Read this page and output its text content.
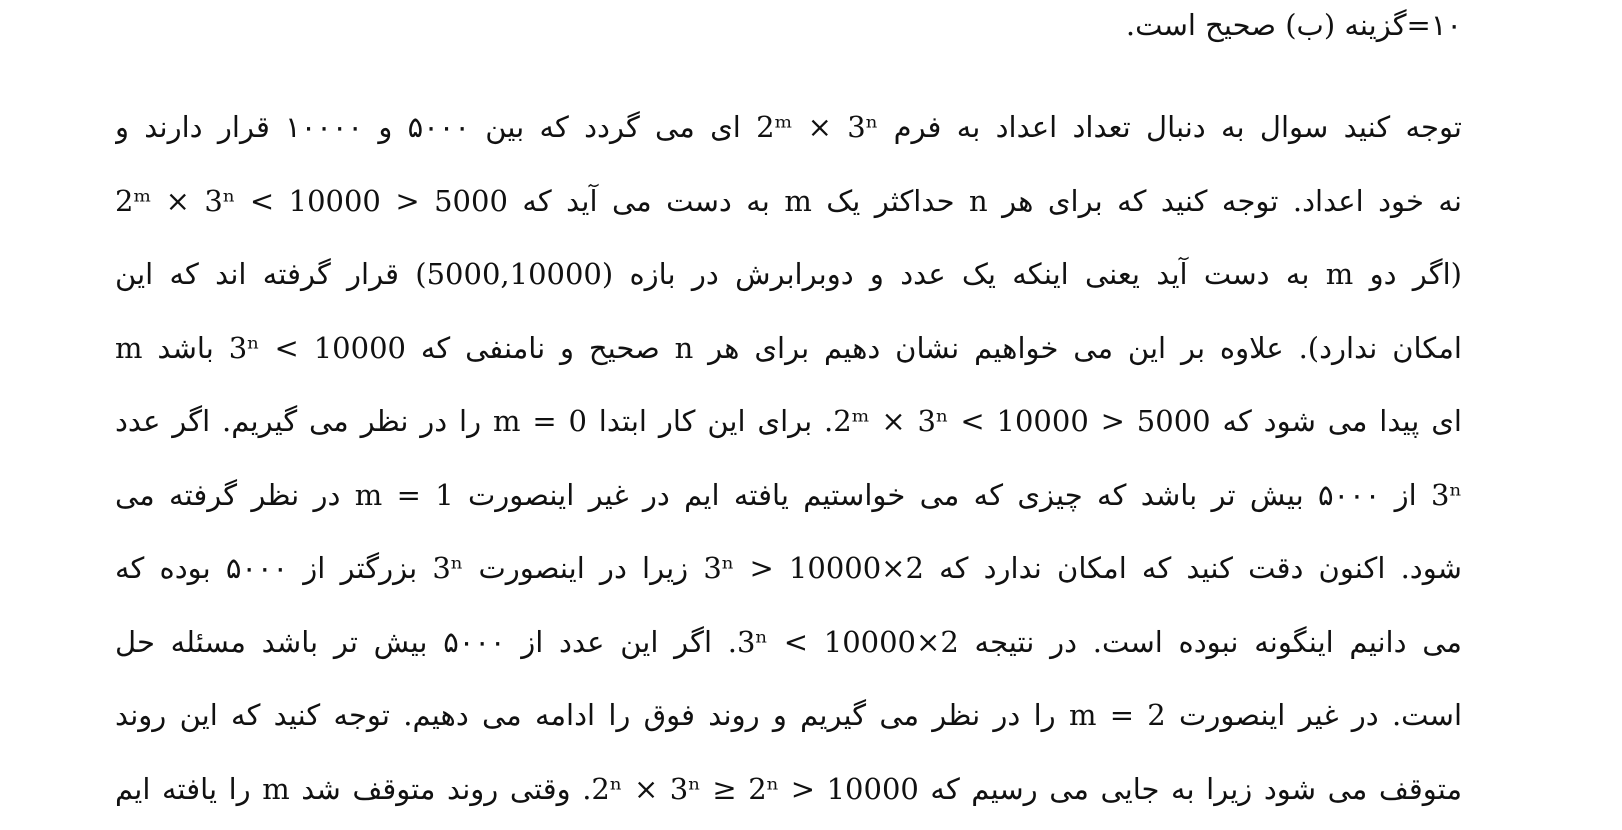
۱۰=گزینه (ب) صحیح است.
توجه کنید سوال به دنبال تعداد اعداد به فرم 2ᵐ × 3ⁿ ای می گردد که بین ۵۰۰۰ و ۱۰۰۰۰ قرار دارند و
نه خود اعداد. توجه کنید که برای هر n حداکثر یک m به دست می آید که 5000 < 2ᵐ × 3ⁿ < 10000
(اگر دو m به دست آید یعنی اینکه یک عدد و دوبرابرش در بازه (5000,10000) قرار گرفته اند که این
امکان ندارد). علاوه بر این می خواهیم نشان دهیم برای هر n صحیح و نامنفی که 3ⁿ < 10000 باشد m
ای پیدا می شود که 5000 < 2ᵐ × 3ⁿ < 10000. برای این کار ابتدا m = 0 را در نظر می گیریم. اگر عدد
3ⁿ از ۵۰۰۰ بیش تر باشد که چیزی که می خواستیم یافته ایم در غیر اینصورت m = 1 در نظر گرفته می
شود. اکنون دقت کنید که امکان ندارد که 2×3ⁿ > 10000 زیرا در اینصورت 3ⁿ بزرگتر از ۵۰۰۰ بوده که
می دانیم اینگونه نبوده است. در نتیجه 2×3ⁿ < 10000. اگر این عدد از ۵۰۰۰ بیش تر باشد مسئله حل
است. در غیر اینصورت m = 2 را در نظر می گیریم و روند فوق را ادامه می دهیم. توجه کنید که این روند
متوقف می شود زیرا به جایی می رسیم که 2ⁿ × 3ⁿ ≥ 2ⁿ > 10000. وقتی روند متوقف شد m را یافته ایم
